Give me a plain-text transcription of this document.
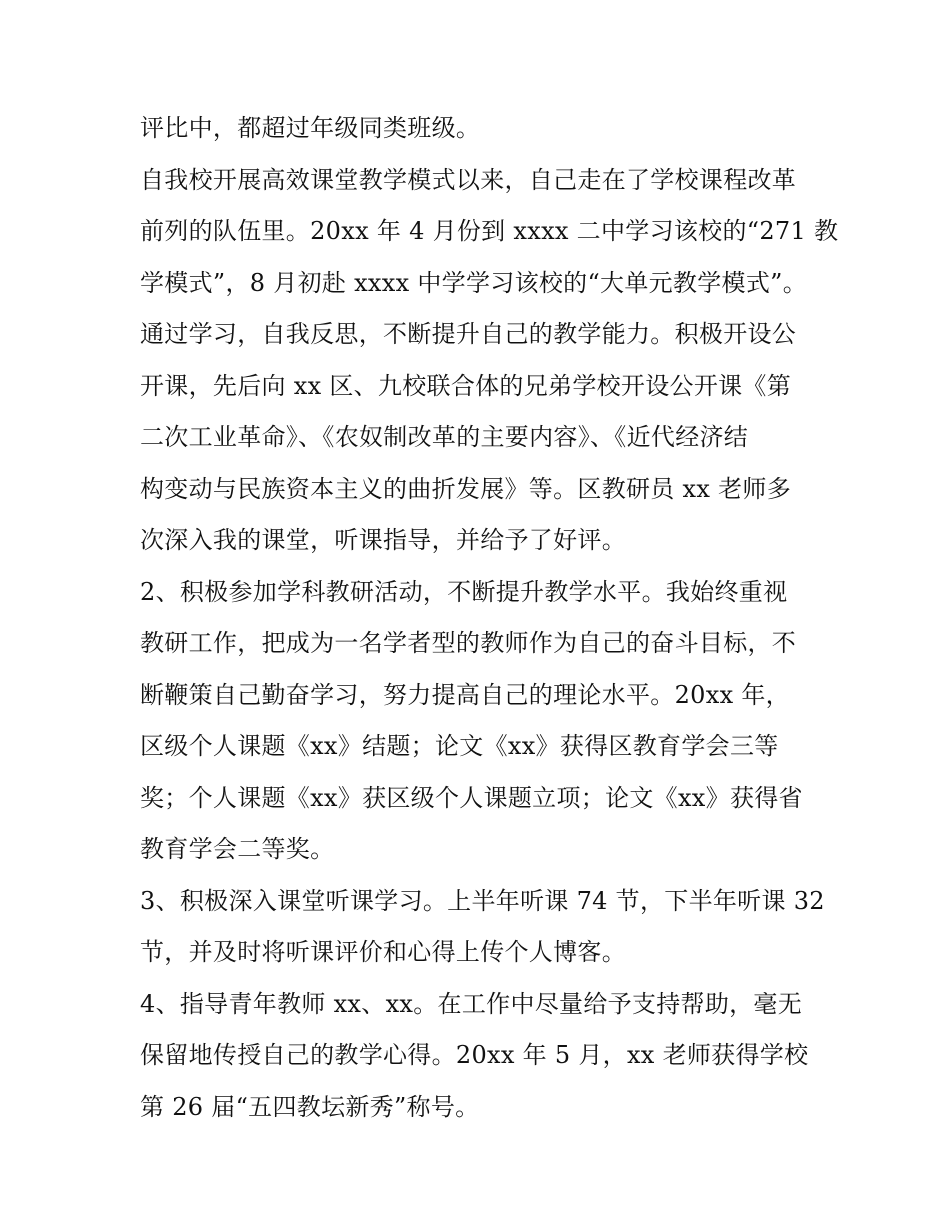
评比中，都超过年级同类班级。
自我校开展高效课堂教学模式以来，自己走在了学校课程改革
前列的队伍里。20xx 年 4 月份到 xxxx 二中学习该校的“271 教
学模式”，8 月初赴 xxxx 中学学习该校的“大单元教学模式”。
通过学习，自我反思，不断提升自己的教学能力。积极开设公
开课，先后向 xx 区、九校联合体的兄弟学校开设公开课《第
二次工业革命》、《农奴制改革的主要内容》、《近代经济结
构变动与民族资本主义的曲折发展》等。区教研员 xx 老师多
次深入我的课堂，听课指导，并给予了好评。
2、积极参加学科教研活动，不断提升教学水平。我始终重视
教研工作，把成为一名学者型的教师作为自己的奋斗目标，不
断鞭策自己勤奋学习，努力提高自己的理论水平。20xx 年，
区级个人课题《xx》结题；论文《xx》获得区教育学会三等
奖；个人课题《xx》获区级个人课题立项；论文《xx》获得省
教育学会二等奖。
3、积极深入课堂听课学习。上半年听课 74 节，下半年听课 32
节，并及时将听课评价和心得上传个人博客。
4、指导青年教师 xx、xx。在工作中尽量给予支持帮助，毫无
保留地传授自己的教学心得。20xx 年 5 月，xx 老师获得学校
第 26 届“五四教坛新秀”称号。
